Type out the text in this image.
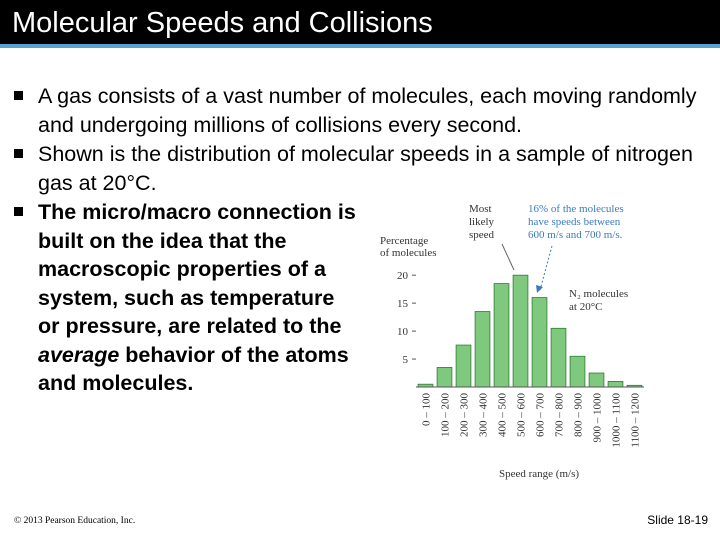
Molecular Speeds and Collisions
A gas consists of a vast number of molecules, each moving randomly and undergoing millions of collisions every second.
Shown is the distribution of molecular speeds in a sample of nitrogen gas at 20°C.
The micro/macro connection is built on the idea that the macroscopic properties of a system, such as temperature or pressure, are related to the average behavior of the atoms and molecules.
Percentage of molecules
5
10
15
20
0 – 100 100 – 200 200 – 300 300 – 400 400 – 500 500 – 600 600 – 700 700 – 800 800 – 900 900 – 1000 1000 – 1100 1100 – 1200
Speed range (m/s)
Most likely speed
16% of the molecules have speeds between 600 m/s and 700 m/s.
N₂ molecules at 20°C
© 2013 Pearson Education, Inc.	Slide 18-19
